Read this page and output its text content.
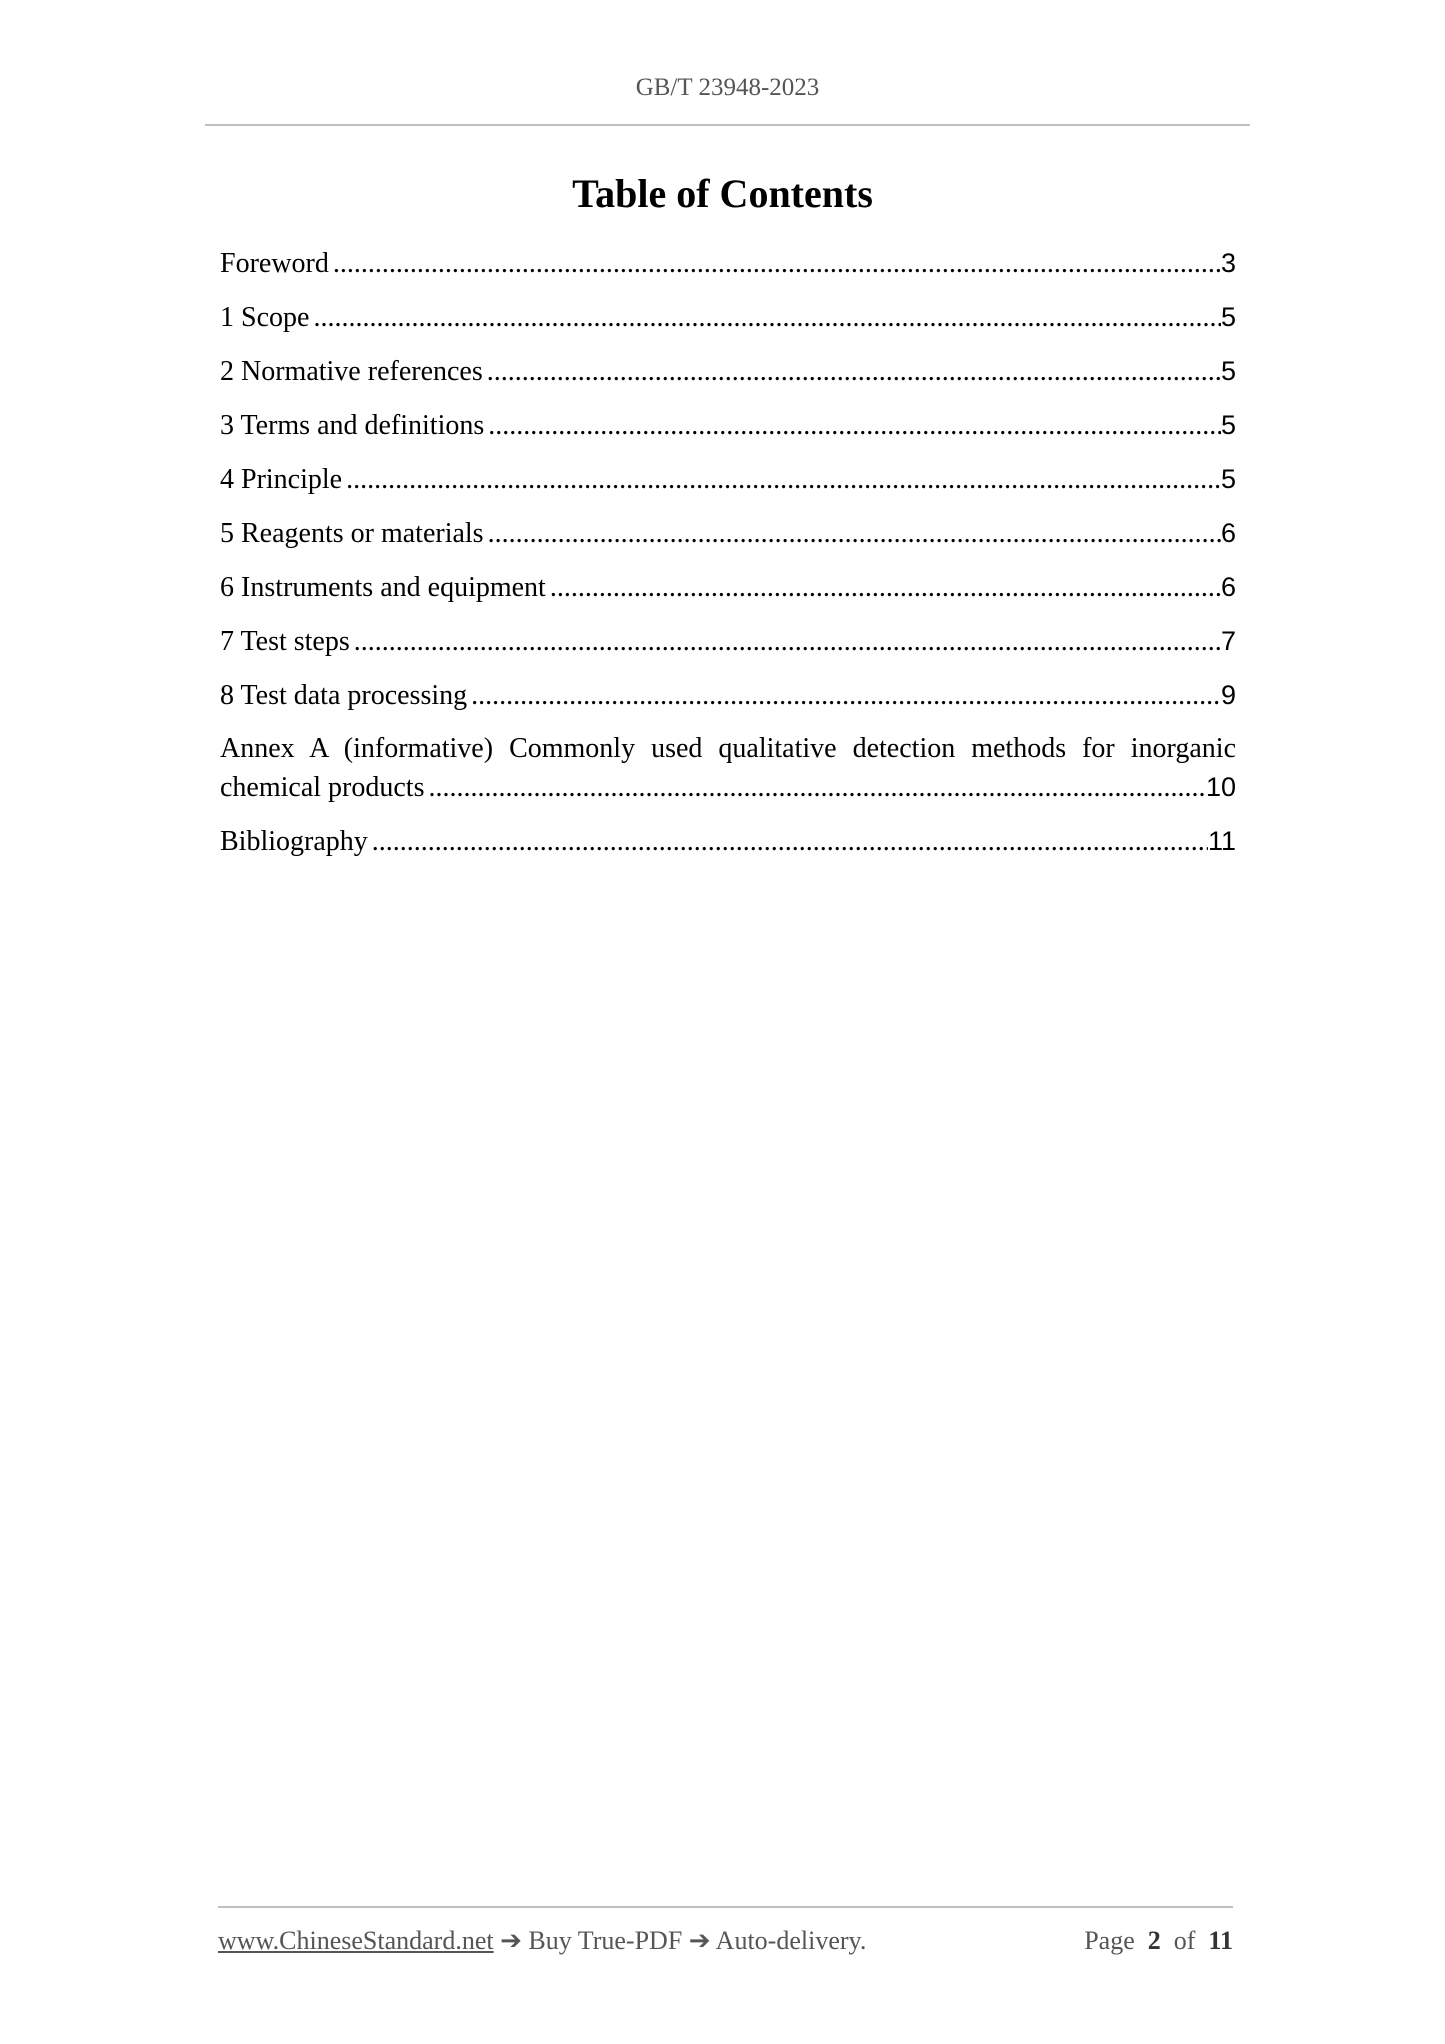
GB/T 23948-2023
Table of Contents
Foreword .....	3
1 Scope .....	5
2 Normative references .....	5
3 Terms and definitions .....	5
4 Principle .....	5
5 Reagents or materials .....	6
6 Instruments and equipment .....	6
7 Test steps .....	7
8 Test data processing .....	9
Annex A (informative) Commonly used qualitative detection methods for inorganic
chemical products .....	10
Bibliography .....	11
www.ChineseStandard.net ➔ Buy True-PDF ➔ Auto-delivery.	Page 2 of 11
